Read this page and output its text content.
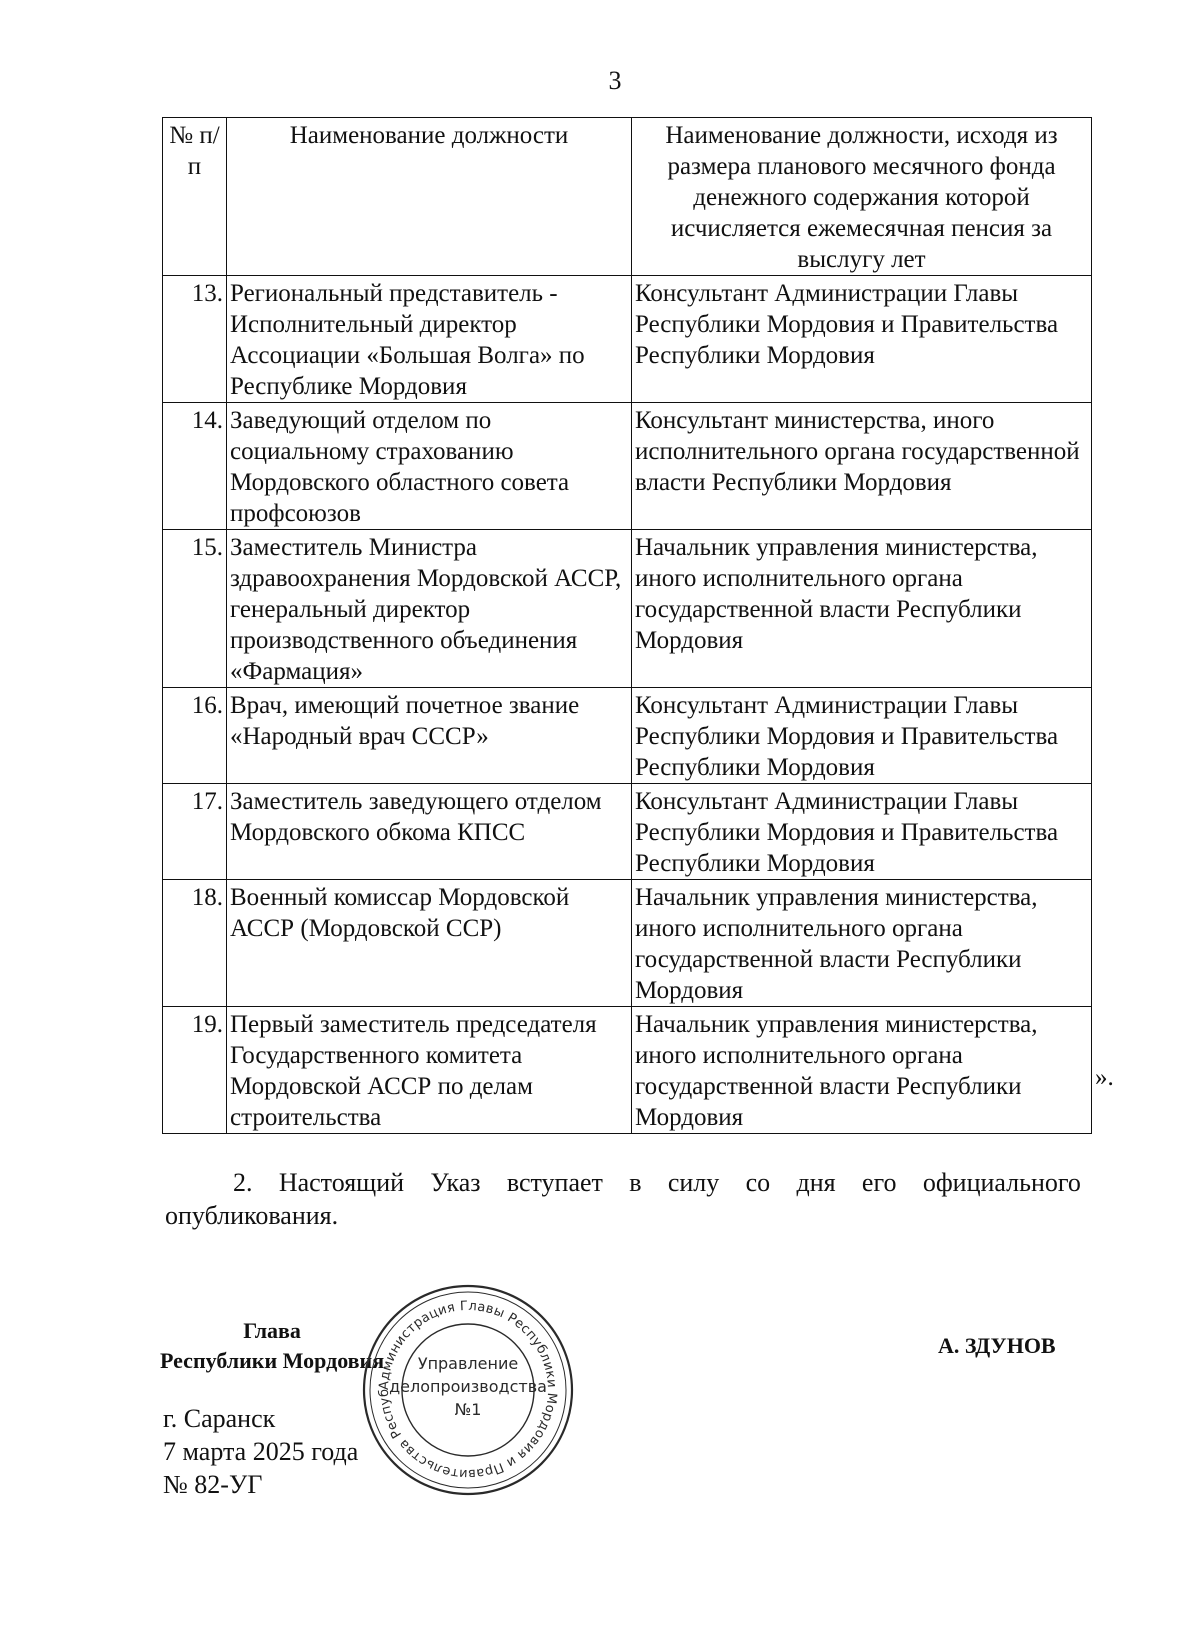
3
№ п/п	Наименование должности	Наименование должности, исходя из размера планового месячного фонда денежного содержания которой исчисляется ежемесячная пенсия за выслугу лет
13.	Региональный представитель - Исполнительный директор Ассоциации «Большая Волга» по Республике Мордовия	Консультант Администрации Главы Республики Мордовия и Правительства Республики Мордовия
14.	Заведующий отделом по социальному страхованию Мордовского областного совета профсоюзов	Консультант министерства, иного исполнительного органа государственной власти Республики Мордовия
15.	Заместитель Министра здравоохранения Мордовской АССР, генеральный директор производственного объединения «Фармация»	Начальник управления министерства, иного исполнительного органа государственной власти Республики Мордовия
16.	Врач, имеющий почетное звание «Народный врач СССР»	Консультант Администрации Главы Республики Мордовия и Правительства Республики Мордовия
17.	Заместитель заведующего отделом Мордовского обкома КПСС	Консультант Администрации Главы Республики Мордовия и Правительства Республики Мордовия
18.	Военный комиссар Мордовской АССР (Мордовской ССР)	Начальник управления министерства, иного исполнительного органа государственной власти Республики Мордовия
19.	Первый заместитель председателя Государственного комитета Мордовской АССР по делам строительства	Начальник управления министерства, иного исполнительного органа государственной власти Республики Мордовия
».
2. Настоящий Указ вступает в силу со дня его официального
опубликования.
Глава
Республики Мордовия
А. ЗДУНОВ
г. Саранск
7 марта 2025 года
№ 82-УГ
Администрация Главы Республики Мордовия и Правительства Респуб
Управление
делопроизводства
№1
